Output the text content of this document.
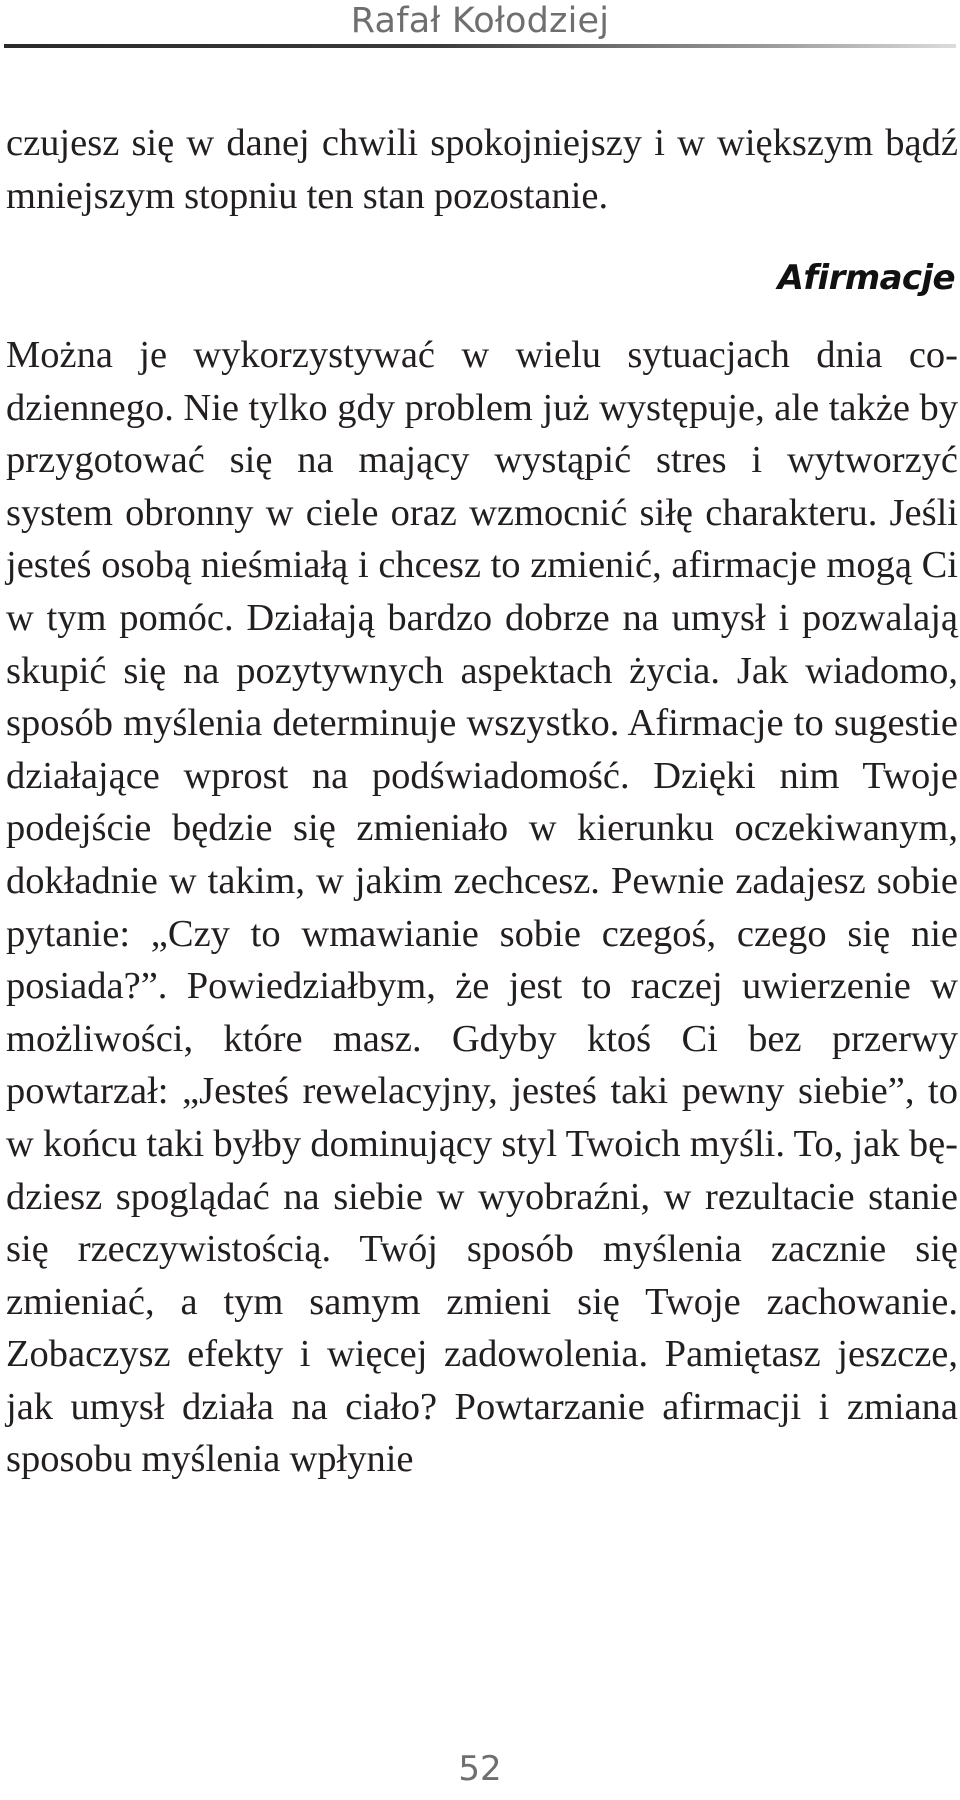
Rafał Kołodziej

czujesz się w danej chwili spokojniejszy i w większym bądź mniejszym stopniu ten stan pozostanie.

Afirmacje

Można je wykorzystywać w wielu sytuacjach dnia codziennego. Nie tylko gdy problem już występuje, ale także by przygotować się na mający wystąpić stres i wytworzyć system obronny w ciele oraz wzmocnić siłę charakteru. Jeśli jesteś osobą nieśmiałą i chcesz to zmienić, afirmacje mogą Ci w tym pomóc. Działają bardzo dobrze na umysł i pozwalają skupić się na pozytywnych aspektach życia. Jak wiadomo, sposób myślenia determinuje wszystko. Afirmacje to sugestie działające wprost na podświadomość. Dzięki nim Twoje podejście będzie się zmieniało w kierunku oczekiwanym, dokładnie w takim, w jakim zechcesz. Pewnie zadajesz sobie pytanie: „Czy to wmawianie sobie czegoś, czego się nie posiada?”. Powiedziałbym, że jest to raczej uwierzenie w możliwości, które masz. Gdyby ktoś Ci bez przerwy powtarzał: „Jesteś rewelacyjny, jesteś taki pewny siebie”, to w końcu taki byłby dominujący styl Twoich myśli. To, jak będziesz spoglądać na siebie w wyobraźni, w rezultacie stanie się rzeczywistością. Twój sposób myślenia zacznie się zmieniać, a tym samym zmieni się Twoje zachowanie. Zobaczysz efekty i więcej zadowolenia. Pamiętasz jeszcze, jak umysł działa na ciało? Powtarzanie afirmacji i zmiana sposobu myślenia wpłynie

52
